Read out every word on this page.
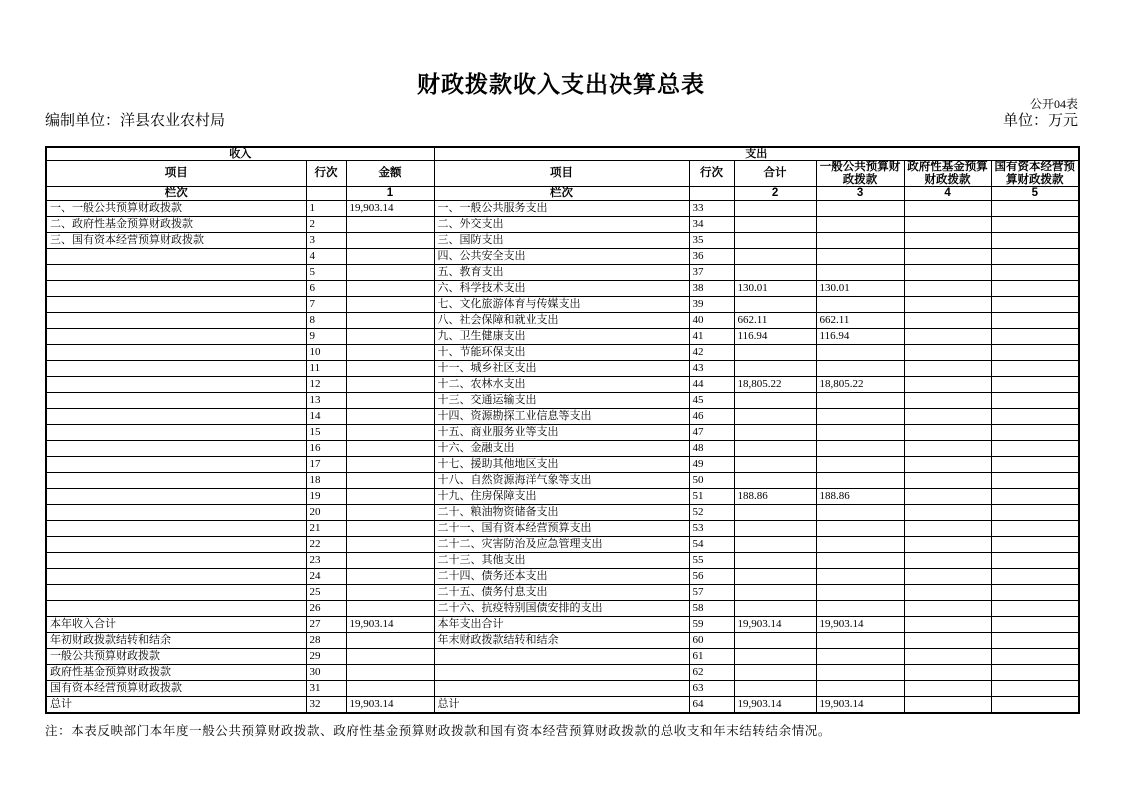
财政拨款收入支出决算总表
公开04表
编制单位：洋县农业农村局	单位：万元
收入			支出					
项目	行次	金额	项目	行次	合计	一般公共预算财政拨款	政府性基金预算财政拨款	国有资本经营预算财政拨款
栏次		1	栏次		2	3	4	5
一、一般公共预算财政拨款	1	19,903.14	一、一般公共服务支出	33				
二、政府性基金预算财政拨款	2		二、外交支出	34				
三、国有资本经营预算财政拨款	3		三、国防支出	35				
	4		四、公共安全支出	36				
	5		五、教育支出	37				
	6		六、科学技术支出	38	130.01	130.01		
	7		七、文化旅游体育与传媒支出	39				
	8		八、社会保障和就业支出	40	662.11	662.11		
	9		九、卫生健康支出	41	116.94	116.94		
	10		十、节能环保支出	42				
	11		十一、城乡社区支出	43				
	12		十二、农林水支出	44	18,805.22	18,805.22		
	13		十三、交通运输支出	45				
	14		十四、资源勘探工业信息等支出	46				
	15		十五、商业服务业等支出	47				
	16		十六、金融支出	48				
	17		十七、援助其他地区支出	49				
	18		十八、自然资源海洋气象等支出	50				
	19		十九、住房保障支出	51	188.86	188.86		
	20		二十、粮油物资储备支出	52				
	21		二十一、国有资本经营预算支出	53				
	22		二十二、灾害防治及应急管理支出	54				
	23		二十三、其他支出	55				
	24		二十四、债务还本支出	56				
	25		二十五、债务付息支出	57				
	26		二十六、抗疫特别国债安排的支出	58				
本年收入合计	27	19,903.14	本年支出合计	59	19,903.14	19,903.14		
年初财政拨款结转和结余	28		年末财政拨款结转和结余	60				
一般公共预算财政拨款	29			61				
政府性基金预算财政拨款	30			62				
国有资本经营预算财政拨款	31			63				
总计	32	19,903.14	总计	64	19,903.14	19,903.14		
注：本表反映部门本年度一般公共预算财政拨款、政府性基金预算财政拨款和国有资本经营预算财政拨款的总收支和年末结转结余情况。
